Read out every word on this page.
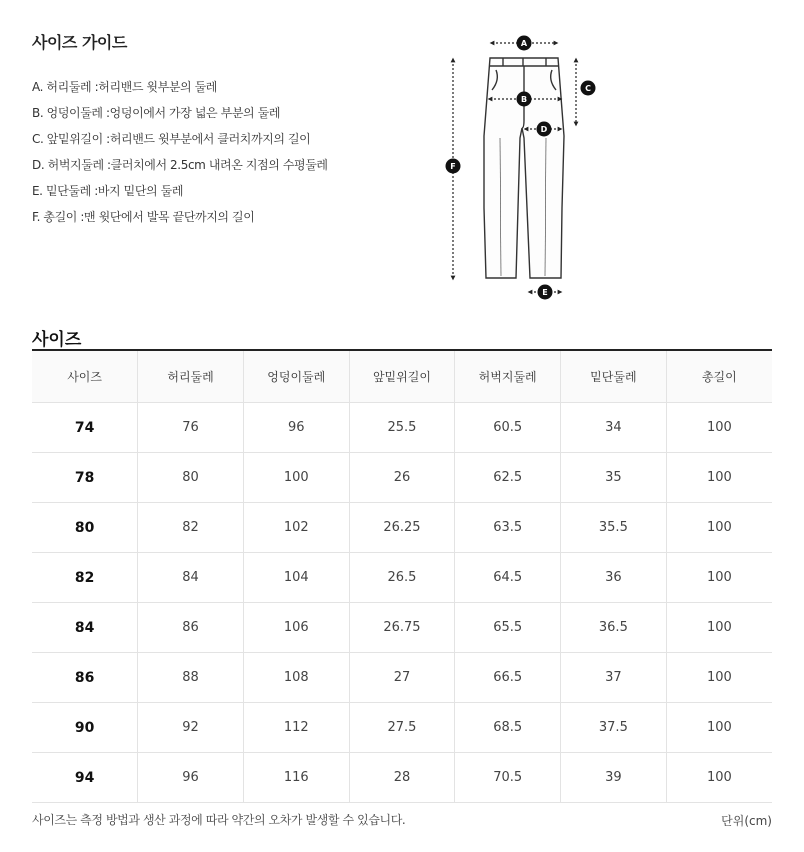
사이즈 가이드
A. 허리둘레 :허리밴드 윗부분의 둘레
B. 엉덩이둘레 :엉덩이에서 가장 넓은 부분의 둘레
C. 앞밑위길이 :허리밴드 윗부분에서 클러치까지의 길이
D. 허벅지둘레 :클러치에서 2.5cm 내려온 지점의 수평둘레
E. 밑단둘레 :바지 밑단의 둘레
F. 총길이 :맨 윗단에서 발목 끝단까지의 길이
A
B
C
D
E
F
사이즈
사이즈	허리둘레	엉덩이둘레	앞밑위길이	허벅지둘레	밑단둘레	총길이
74	76	96	25.5	60.5	34	100
78	80	100	26	62.5	35	100
80	82	102	26.25	63.5	35.5	100
82	84	104	26.5	64.5	36	100
84	86	106	26.75	65.5	36.5	100
86	88	108	27	66.5	37	100
90	92	112	27.5	68.5	37.5	100
94	96	116	28	70.5	39	100
사이즈는 측정 방법과 생산 과정에 따라 약간의 오차가 발생할 수 있습니다.	단위(cm)
